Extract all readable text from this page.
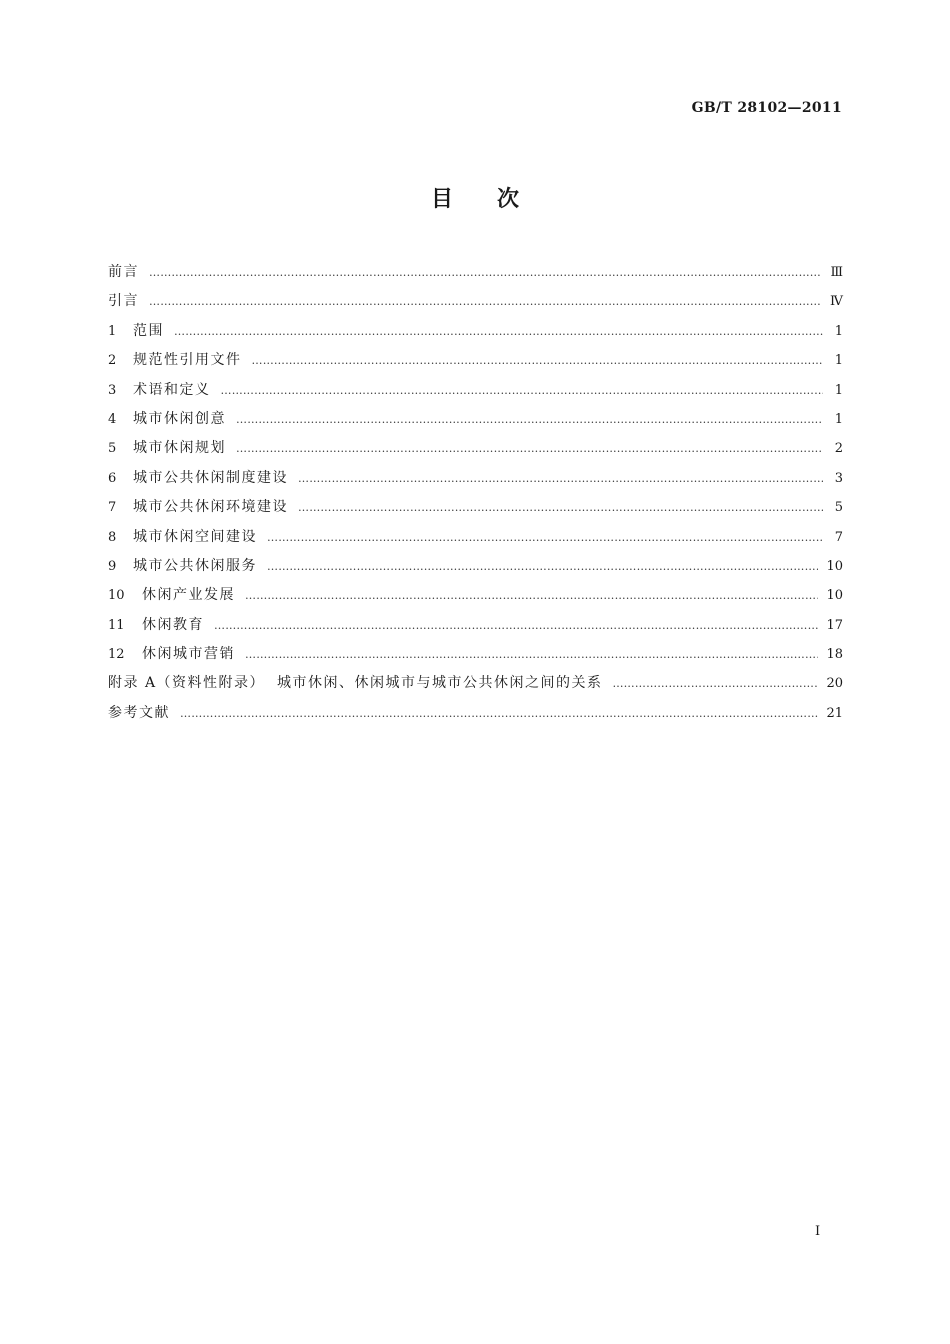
GB/T 28102—2011
目次
前言 …………………………………………………………………………………………………………………………………………………………………………………………………………………………	Ⅲ
引言 …………………………………………………………………………………………………………………………………………………………………………………………………………………………	Ⅳ
1	范围 …………………………………………………………………………………………………………………………………………………………………………………………………………………………	1
2	规范性引用文件 …………………………………………………………………………………………………………………………………………………………………………………………………………………………	1
3	术语和定义 …………………………………………………………………………………………………………………………………………………………………………………………………………………………	1
4	城市休闲创意 …………………………………………………………………………………………………………………………………………………………………………………………………………………………	1
5	城市休闲规划 …………………………………………………………………………………………………………………………………………………………………………………………………………………………	2
6	城市公共休闲制度建设 …………………………………………………………………………………………………………………………………………………………………………………………………………………………	3
7	城市公共休闲环境建设 …………………………………………………………………………………………………………………………………………………………………………………………………………………………	5
8	城市休闲空间建设 …………………………………………………………………………………………………………………………………………………………………………………………………………………………	7
9	城市公共休闲服务 …………………………………………………………………………………………………………………………………………………………………………………………………………………………	10
10	休闲产业发展 …………………………………………………………………………………………………………………………………………………………………………………………………………………………	10
11	休闲教育 …………………………………………………………………………………………………………………………………………………………………………………………………………………………	17
12	休闲城市营销 …………………………………………………………………………………………………………………………………………………………………………………………………………………………	18
附录 A（资料性附录）  城市休闲、休闲城市与城市公共休闲之间的关系 …………………………………………………………………………………………………………………………………………………………………………………………………………………………	20
参考文献 …………………………………………………………………………………………………………………………………………………………………………………………………………………………	21
Ⅰ
